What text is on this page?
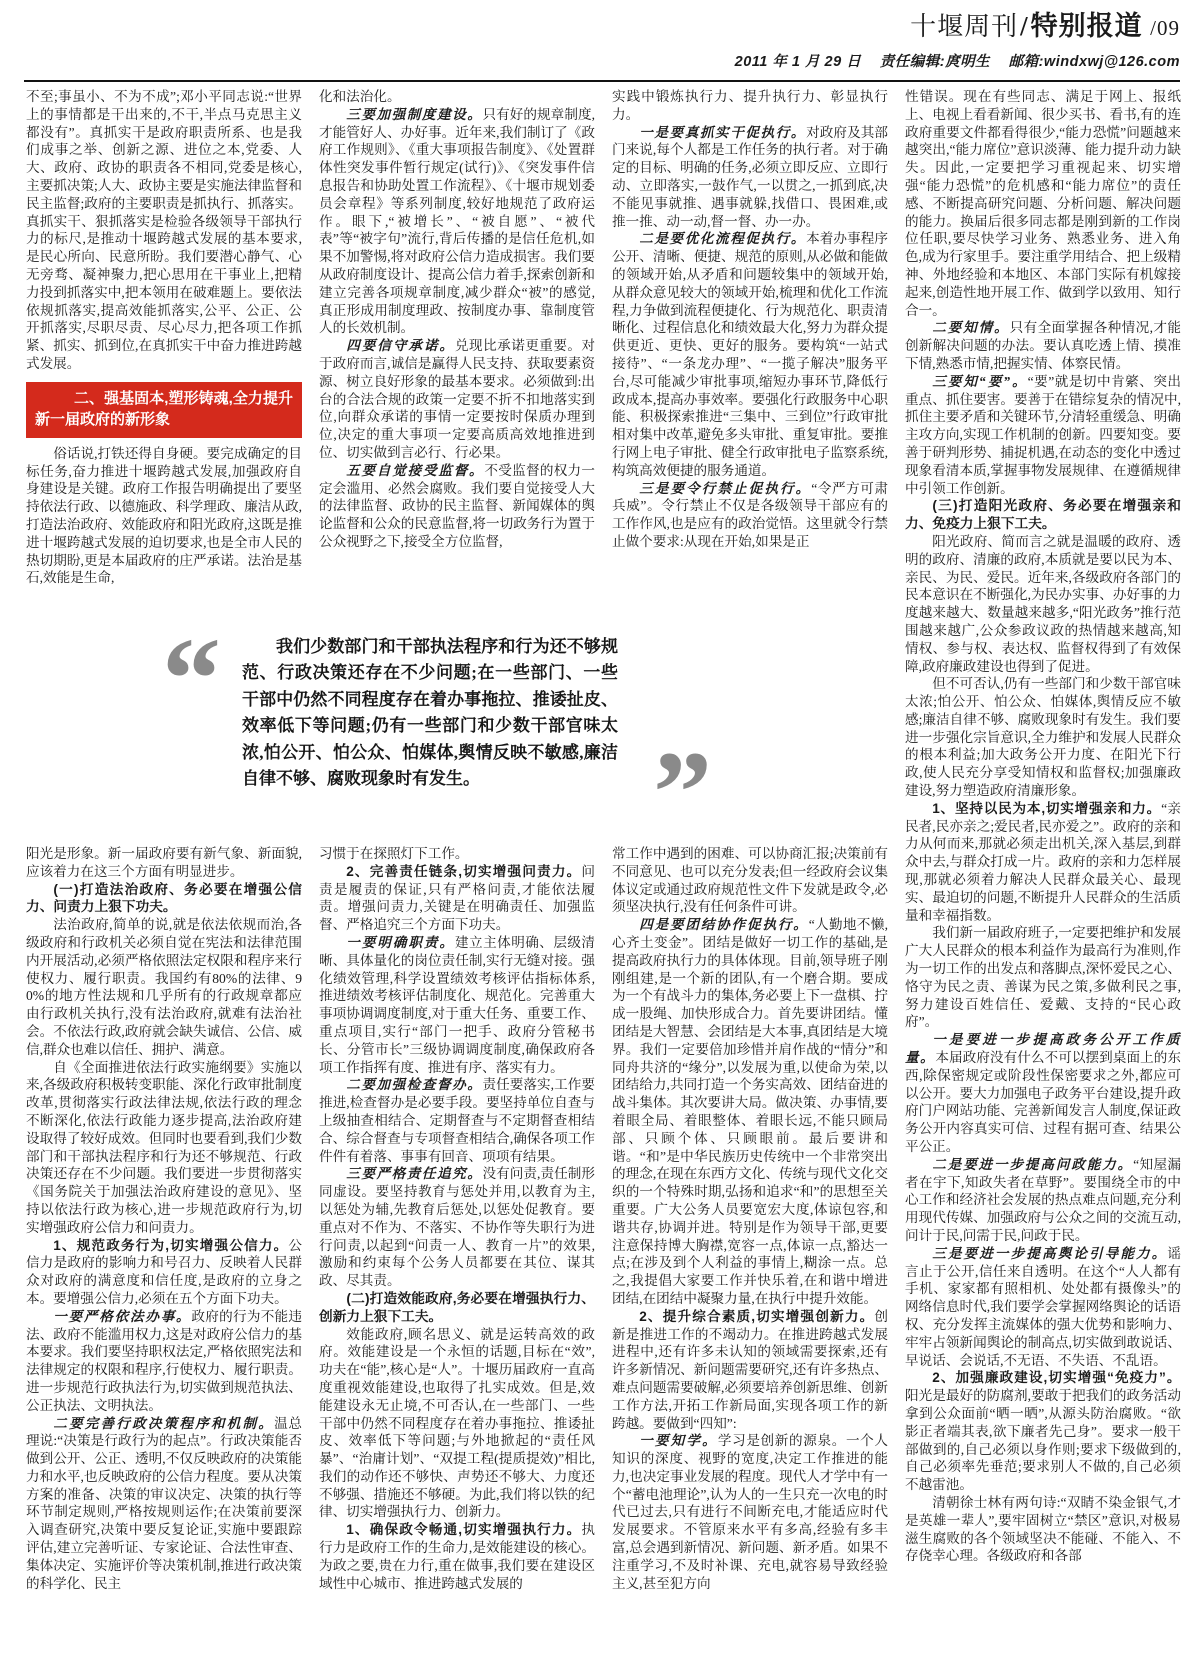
十堰周刊/特别报道 /09
2011 年 1 月 29 日 责任编辑:庹明生 邮箱:windxwj@126.com

不至;事虽小、不为不成”;邓小平同志说:“世界上的事情都是干出来的,不干,半点马克思主义都没有”。真抓实干是政府职责所系、也是我们成事之举、创新之源、进位之本,党委、人大、政府、政协的职责各不相同,党委是核心,主要抓决策;人大、政协主要是实施法律监督和民主监督;政府的主要职责是抓执行、抓落实。真抓实干、狠抓落实是检验各级领导干部执行力的标尺,是推动十堰跨越式发展的基本要求,是民心所向、民意所盼。我们要潜心静气、心无旁骛、凝神聚力,把心思用在干事业上,把精力投到抓落实中,把本领用在破难题上。要依法依规抓落实,提高效能抓落实,公平、公正、公开抓落实,尽职尽责、尽心尽力,把各项工作抓紧、抓实、抓到位,在真抓实干中奋力推进跨越式发展。

二、强基固本,塑形铸魂,全力提升新一届政府的新形象

俗话说,打铁还得自身硬。要完成确定的目标任务,奋力推进十堰跨越式发展,加强政府自身建设是关键。政府工作报告明确提出了要坚持依法行政、以德施政、科学理政、廉洁从政,打造法治政府、效能政府和阳光政府,这既是推进十堰跨越式发展的迫切要求,也是全市人民的热切期盼,更是本届政府的庄严承诺。法治是基石,效能是生命,

化和法治化。

三要加强制度建设。只有好的规章制度,才能管好人、办好事。近年来,我们制订了《政府工作规则》、《重大事项报告制度》、《处置群体性突发事件暂行规定(试行)》、《突发事件信息报告和协助处置工作流程》、《十堰市规划委员会章程》等系列制度,较好地规范了政府运作。眼下,“被增长”、“被自愿”、“被代表”等“被字句”流行,背后传播的是信任危机,如果不加警惕,将对政府公信力造成损害。我们要从政府制度设计、提高公信力着手,探索创新和建立完善各项规章制度,减少群众“被”的感觉,真正形成用制度理政、按制度办事、靠制度管人的长效机制。

四要信守承诺。兑现比承诺更重要。对于政府而言,诚信是赢得人民支持、获取要素资源、树立良好形象的最基本要求。必须做到:出台的合法合规的政策一定要不折不扣地落实到位,向群众承诺的事情一定要按时保质办理到位,决定的重大事项一定要高质高效地推进到位、切实做到言必行、行必果。

五要自觉接受监督。不受监督的权力一定会滥用、必然会腐败。我们要自觉接受人大的法律监督、政协的民主监督、新闻媒体的舆论监督和公众的民意监督,将一切政务行为置于公众视野之下,接受全方位监督,

实践中锻炼执行力、提升执行力、彰显执行力。

一是要真抓实干促执行。对政府及其部门来说,每个人都是工作任务的执行者。对于确定的目标、明确的任务,必须立即反应、立即行动、立即落实,一鼓作气,一以贯之,一抓到底,决不能见事就推、遇事就躲,找借口、畏困难,或推一推、动一动,督一督、办一办。

二是要优化流程促执行。本着办事程序公开、清晰、便捷、规范的原则,从必做和能做的领域开始,从矛盾和问题较集中的领域开始,从群众意见较大的领域开始,梳理和优化工作流程,力争做到流程便捷化、行为规范化、职责清晰化、过程信息化和绩效最大化,努力为群众提供更近、更快、更好的服务。要构筑“一站式接待”、“一条龙办理”、“一揽子解决”服务平台,尽可能减少审批事项,缩短办事环节,降低行政成本,提高办事效率。要强化行政服务中心职能、积极探索推进“三集中、三到位”行政审批相对集中改革,避免多头审批、重复审批。要推行网上电子审批、健全行政审批电子监察系统,构筑高效便捷的服务通道。

三是要令行禁止促执行。“令严方可肃兵威”。令行禁止不仅是各级领导干部应有的工作作风,也是应有的政治觉悟。这里就令行禁止做个要求:从现在开始,如果是正

“	我们少数部门和干部执法程序和行为还不够规范、行政决策还存在不少问题;在一些部门、一些干部中仍然不同程度存在着办事拖拉、推诿扯皮、效率低下等问题;仍有一些部门和少数干部官味太浓,怕公开、怕公众、怕媒体,舆情反映不敏感,廉洁自律不够、腐败现象时有发生。	”

阳光是形象。新一届政府要有新气象、新面貌,应该着力在这三个方面有明显进步。

(一)打造法治政府、务必要在增强公信力、问责力上狠下功夫。

法治政府,简单的说,就是依法依规而治,各级政府和行政机关必须自觉在宪法和法律范围内开展活动,必须严格依照法定权限和程序来行使权力、履行职责。我国约有80%的法律、90%的地方性法规和几乎所有的行政规章都应由行政机关执行,没有法治政府,就难有法治社会。不依法行政,政府就会缺失诚信、公信、威信,群众也难以信任、拥护、满意。

自《全面推进依法行政实施纲要》实施以来,各级政府积极转变职能、深化行政审批制度改革,贯彻落实行政法律法规,依法行政的理念不断深化,依法行政能力逐步提高,法治政府建设取得了较好成效。但同时也要看到,我们少数部门和干部执法程序和行为还不够规范、行政决策还存在不少问题。我们要进一步贯彻落实《国务院关于加强法治政府建设的意见》、坚持以依法行政为核心,进一步规范政府行为,切实增强政府公信力和问责力。

1、规范政务行为,切实增强公信力。公信力是政府的影响力和号召力、反映着人民群众对政府的满意度和信任度,是政府的立身之本。要增强公信力,必须在五个方面下功夫。

一要严格依法办事。政府的行为不能违法、政府不能滥用权力,这是对政府公信力的基本要求。我们要坚持职权法定,严格依照宪法和法律规定的权限和程序,行使权力、履行职责。进一步规范行政执法行为,切实做到规范执法、公正执法、文明执法。

二要完善行政决策程序和机制。温总理说:“决策是行政行为的起点”。行政决策能否做到公开、公正、透明,不仅反映政府的决策能力和水平,也反映政府的公信力程度。要从决策方案的准备、决策的审议决定、决策的执行等环节制定规则,严格按规则运作;在决策前要深入调查研究,决策中要反复论证,实施中要跟踪评估,建立完善听证、专家论证、合法性审查、集体决定、实施评价等决策机制,推进行政决策的科学化、民主

习惯于在探照灯下工作。

2、完善责任链条,切实增强问责力。问责是履责的保证,只有严格问责,才能依法履责。增强问责力,关键是在明确责任、加强监督、严格追究三个方面下功夫。

一要明确职责。建立主体明确、层级清晰、具体量化的岗位责任制,实行无缝对接。强化绩效管理,科学设置绩效考核评估指标体系,推进绩效考核评估制度化、规范化。完善重大事项协调调度制度,对于重大任务、重要工作、重点项目,实行“部门一把手、政府分管秘书长、分管市长”三级协调调度制度,确保政府各项工作指挥有度、推进有序、落实有力。

二要加强检查督办。责任要落实,工作要推进,检查督办是必要手段。要坚持单位自查与上级抽查相结合、定期督查与不定期督查相结合、综合督查与专项督查相结合,确保各项工作件件有着落、事事有回音、项项有结果。

三要严格责任追究。没有问责,责任制形同虚设。要坚持教育与惩处并用,以教育为主,以惩处为辅,先教育后惩处,以惩处促教育。要重点对不作为、不落实、不协作等失职行为进行问责,以起到“问责一人、教育一片”的效果,激励和约束每个公务人员都要在其位、谋其政、尽其责。

(二)打造效能政府,务必要在增强执行力、创新力上狠下工夫。

效能政府,顾名思义、就是运转高效的政府。效能建设是一个永恒的话题,目标在“效”,功夫在“能”,核心是“人”。十堰历届政府一直高度重视效能建设,也取得了扎实成效。但是,效能建设永无止境,不可否认,在一些部门、一些干部中仍然不同程度存在着办事拖拉、推诿扯皮、效率低下等问题;与外地掀起的“责任风暴”、“治庸计划”、“双提工程(提质提效)”相比,我们的动作还不够快、声势还不够大、力度还不够强、措施还不够硬。为此,我们将以铁的纪律、切实增强执行力、创新力。

1、确保政令畅通,切实增强执行力。执行力是政府工作的生命力,是效能建设的核心。为政之要,贵在力行,重在做事,我们要在建设区域性中心城市、推进跨越式发展的

常工作中遇到的困难、可以协商汇报;决策前有不同意见、也可以充分发表;但一经政府会议集体议定或通过政府规范性文件下发就是政令,必须坚决执行,没有任何条件可讲。

四是要团结协作促执行。“人勤地不懒,心齐土变金”。团结是做好一切工作的基础,是提高政府执行力的具体体现。目前,领导班子刚刚组建,是一个新的团队,有一个磨合期。要成为一个有战斗力的集体,务必要上下一盘棋、拧成一股绳、加快形成合力。首先要讲团结。懂团结是大智慧、会团结是大本事,真团结是大境界。我们一定要倍加珍惜并肩作战的“情分”和同舟共济的“缘分”,以发展为重,以使命为荣,以团结给力,共同打造一个务实高效、团结奋进的战斗集体。其次要讲大局。做决策、办事情,要着眼全局、着眼整体、着眼长远,不能只顾局部、只顾个体、只顾眼前。最后要讲和谐。“和”是中华民族历史传统中一个非常突出的理念,在现在东西方文化、传统与现代文化交织的一个特殊时期,弘扬和追求“和”的思想至关重要。广大公务人员要宽宏大度,体谅包容,和谐共存,协调并进。特别是作为领导干部,更要注意保持博大胸襟,宽容一点,体谅一点,豁达一点;在涉及到个人利益的事情上,糊涂一点。总之,我提倡大家要工作并快乐着,在和谐中增进团结,在团结中凝聚力量,在执行中提升效能。

2、提升综合素质,切实增强创新力。创新是推进工作的不竭动力。在推进跨越式发展进程中,还有许多未认知的领域需要探索,还有许多新情况、新问题需要研究,还有许多热点、难点问题需要破解,必须要培养创新思维、创新工作方法,开拓工作新局面,实现各项工作的新跨越。要做到“四知”:

一要知学。学习是创新的源泉。一个人知识的深度、视野的宽度,决定工作推进的能力,也决定事业发展的程度。现代人才学中有一个“蓄电池理论”,认为人的一生只充一次电的时代已过去,只有进行不间断充电,才能适应时代发展要求。不管原来水平有多高,经验有多丰富,总会遇到新情况、新问题、新矛盾。如果不注重学习,不及时补课、充电,就容易导致经验主义,甚至犯方向

性错误。现在有些同志、满足于网上、报纸上、电视上看看新闻、很少买书、看书,有的连政府重要文件都看得很少,“能力恐慌”问题越来越突出,“能力席位”意识淡薄、能力提升动力缺失。因此,一定要把学习重视起来、切实增强“能力恐慌”的危机感和“能力席位”的责任感、不断提高研究问题、分析问题、解决问题的能力。换届后很多同志都是刚到新的工作岗位任职,要尽快学习业务、熟悉业务、进入角色,成为行家里手。要注重学用结合、把上级精神、外地经验和本地区、本部门实际有机嫁接起来,创造性地开展工作、做到学以致用、知行合一。

二要知情。只有全面掌握各种情况,才能创新解决问题的办法。要认真吃透上情、摸准下情,熟悉市情,把握实情、体察民情。

三要知“要”。“要”就是切中肯綮、突出重点、抓住要害。要善于在错综复杂的情况中,抓住主要矛盾和关键环节,分清轻重缓急、明确主攻方向,实现工作机制的创新。四要知变。要善于研判形势、捕捉机遇,在动态的变化中透过现象看清本质,掌握事物发展规律、在遵循规律中引领工作创新。

(三)打造阳光政府、务必要在增强亲和力、免疫力上狠下工夫。

阳光政府、简而言之就是温暖的政府、透明的政府、清廉的政府,本质就是要以民为本、亲民、为民、爱民。近年来,各级政府各部门的民本意识在不断强化,为民办实事、办好事的力度越来越大、数量越来越多,“阳光政务”推行范围越来越广,公众参政议政的热情越来越高,知情权、参与权、表达权、监督权得到了有效保障,政府廉政建设也得到了促进。

但不可否认,仍有一些部门和少数干部官味太浓;怕公开、怕公众、怕媒体,舆情反应不敏感;廉洁自律不够、腐败现象时有发生。我们要进一步强化宗旨意识,全力维护和发展人民群众的根本利益;加大政务公开力度、在阳光下行政,使人民充分享受知情权和监督权;加强廉政建设,努力塑造政府清廉形象。

1、坚持以民为本,切实增强亲和力。“亲民者,民亦亲之;爱民者,民亦爱之”。政府的亲和力从何而来,那就必须走出机关,深入基层,到群众中去,与群众打成一片。政府的亲和力怎样展现,那就必须着力解决人民群众最关心、最现实、最迫切的问题,不断提升人民群众的生活质量和幸福指数。

我们新一届政府班子,一定要把维护和发展广大人民群众的根本利益作为最高行为准则,作为一切工作的出发点和落脚点,深怀爱民之心、恪守为民之责、善谋为民之策,多做利民之事,努力建设百姓信任、爱戴、支持的“民心政府”。

一是要进一步提高政务公开工作质量。本届政府没有什么不可以摆到桌面上的东西,除保密规定或阶段性保密要求之外,都应可以公开。要大力加强电子政务平台建设,提升政府门户网站功能、完善新闻发言人制度,保证政务公开内容真实可信、过程有据可查、结果公平公正。

二是要进一步提高问政能力。“知屋漏者在宇下,知政失者在草野”。要围绕全市的中心工作和经济社会发展的热点难点问题,充分利用现代传媒、加强政府与公众之间的交流互动,问计于民,问需于民,问政于民。

三是要进一步提高舆论引导能力。谣言止于公开,信任来自透明。在这个“人人都有手机、家家都有照相机、处处都有摄像头”的网络信息时代,我们要学会掌握网络舆论的话语权、充分发挥主流媒体的强大优势和影响力、牢牢占领新闻舆论的制高点,切实做到敢说话、早说话、会说话,不无语、不失语、不乱语。

2、加强廉政建设,切实增强“免疫力”。阳光是最好的防腐剂,要敢于把我们的政务活动拿到公众面前“晒一晒”,从源头防治腐败。“欲影正者端其表,欲下廉者先己身”。要求一般干部做到的,自己必须以身作则;要求下级做到的,自己必须率先垂范;要求别人不做的,自己必须不越雷池。

清朝徐士林有两句诗:“双睛不染金银气,才是英雄一辈人”,要牢固树立“禁区”意识,对极易滋生腐败的各个领域坚决不能碰、不能入、不存侥幸心理。各级政府和各部
